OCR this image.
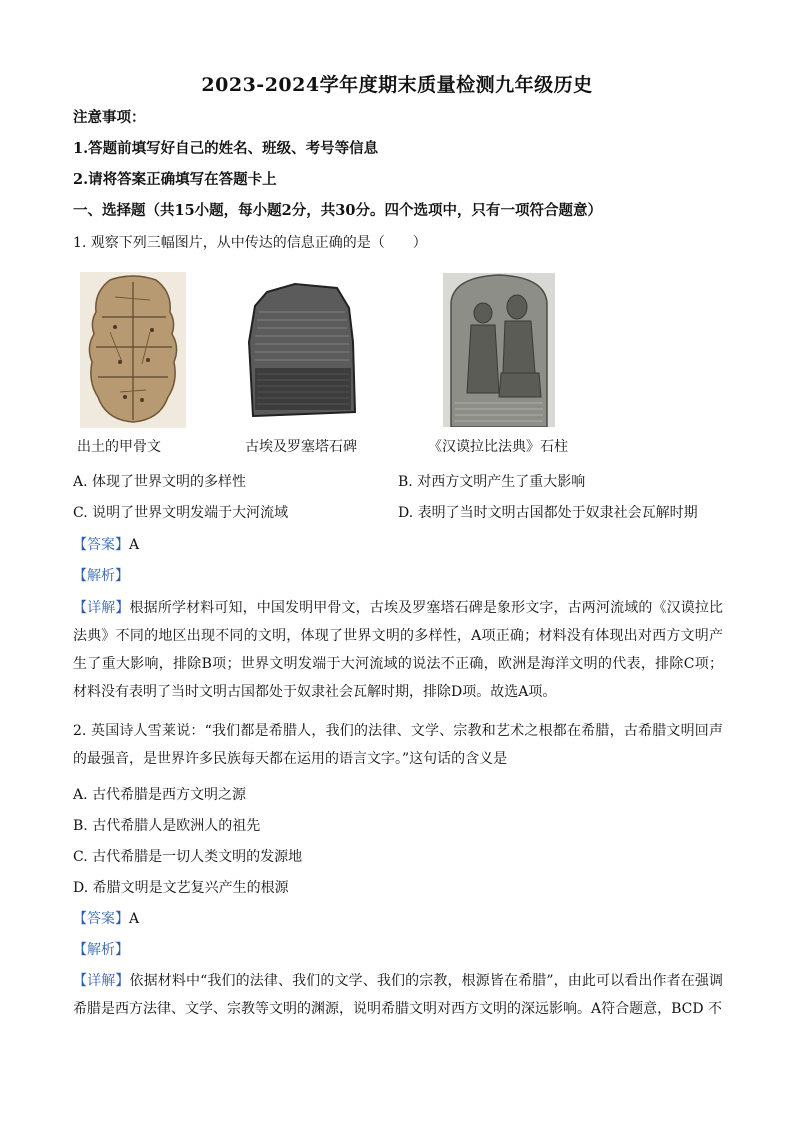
2023-2024学年度期末质量检测九年级历史
注意事项：
1.答题前填写好自己的姓名、班级、考号等信息
2.请将答案正确填写在答题卡上
一、选择题（共15小题，每小题2分，共30分。四个选项中，只有一项符合题意）
1. 观察下列三幅图片，从中传达的信息正确的是（　　）
出土的甲骨文	古埃及罗塞塔石碑	《汉谟拉比法典》石柱
A. 体现了世界文明的多样性	B. 对西方文明产生了重大影响
C. 说明了世界文明发端于大河流域	D. 表明了当时文明古国都处于奴隶社会瓦解时期
【答案】A
【解析】
【详解】根据所学材料可知，中国发明甲骨文，古埃及罗塞塔石碑是象形文字，古两河流域的《汉谟拉比法典》不同的地区出现不同的文明，体现了世界文明的多样性，A项正确；材料没有体现出对西方文明产生了重大影响，排除B项；世界文明发端于大河流域的说法不正确，欧洲是海洋文明的代表，排除C项；材料没有表明了当时文明古国都处于奴隶社会瓦解时期，排除D项。故选A项。
2. 英国诗人雪莱说：“我们都是希腊人，我们的法律、文学、宗教和艺术之根都在希腊，古希腊文明回声的最强音，是世界许多民族每天都在运用的语言文字。”这句话的含义是
A. 古代希腊是西方文明之源
B. 古代希腊人是欧洲人的祖先
C. 古代希腊是一切人类文明的发源地
D. 希腊文明是文艺复兴产生的根源
【答案】A
【解析】
【详解】依据材料中“我们的法律、我们的文学、我们的宗教，根源皆在希腊”，由此可以看出作者在强调希腊是西方法律、文学、宗教等文明的渊源，说明希腊文明对西方文明的深远影响。A符合题意，BCD 不
